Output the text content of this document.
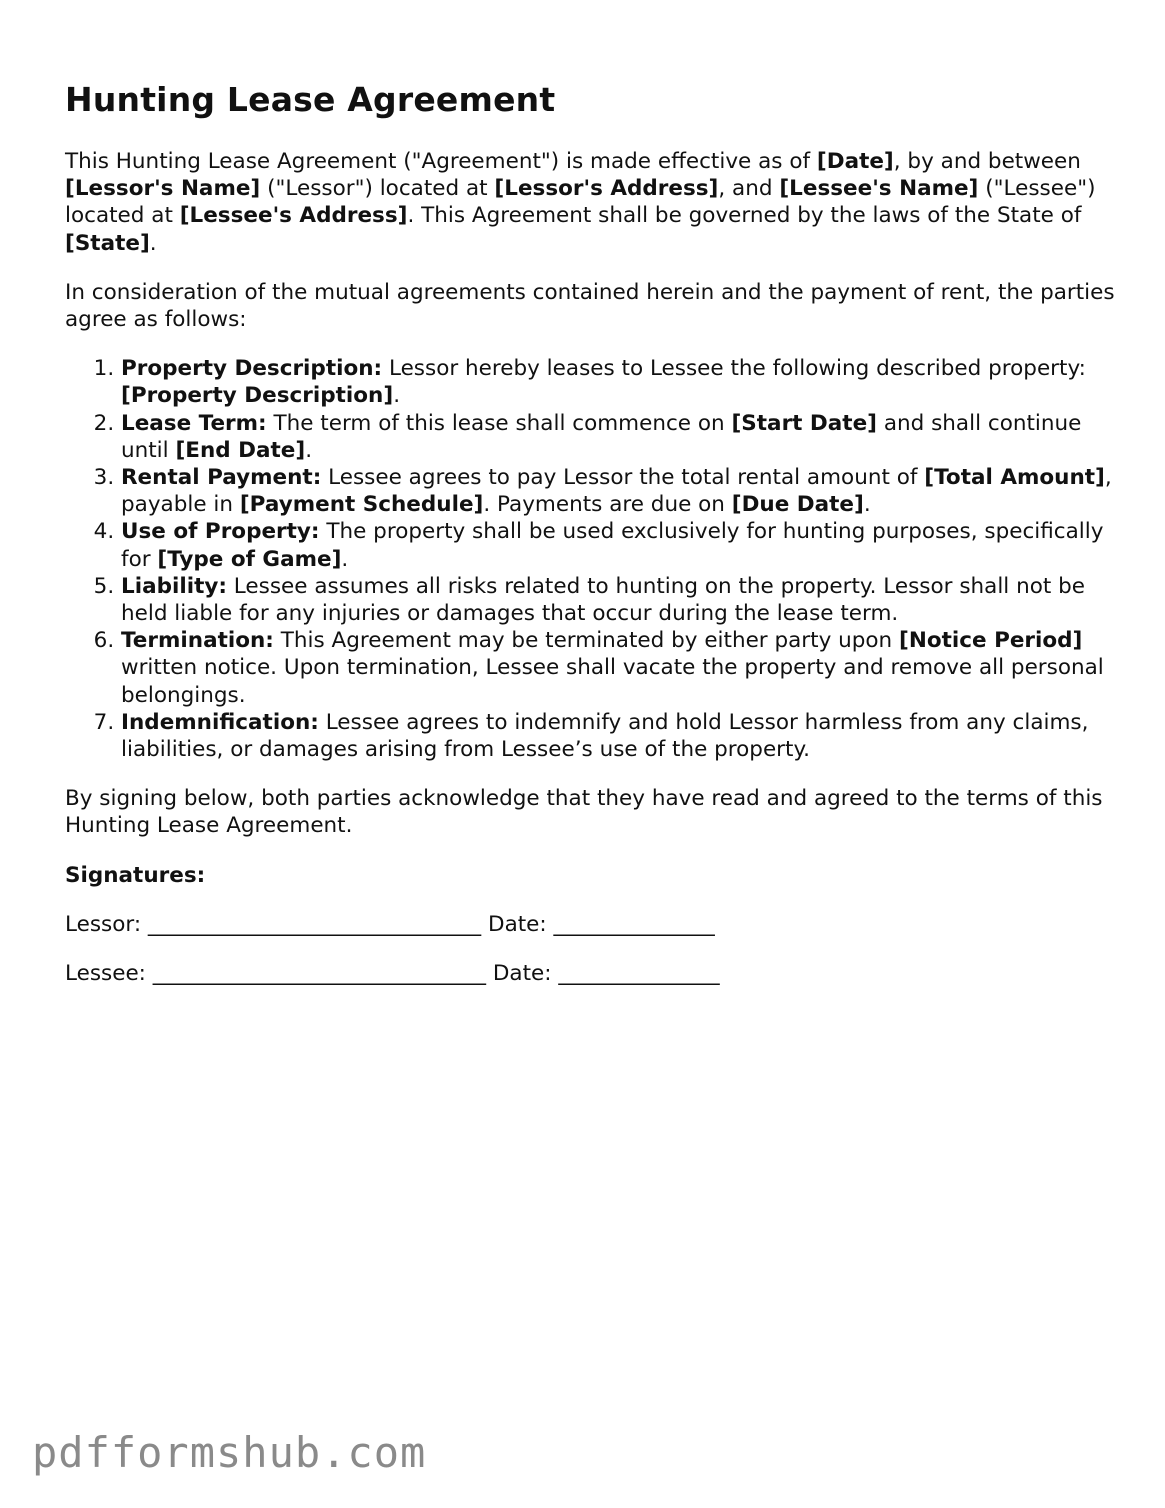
Hunting Lease Agreement

This Hunting Lease Agreement ("Agreement") is made effective as of [Date], by and between [Lessor's Name] ("Lessor") located at [Lessor's Address], and [Lessee's Name] ("Lessee") located at [Lessee's Address]. This Agreement shall be governed by the laws of the State of [State].

In consideration of the mutual agreements contained herein and the payment of rent, the parties agree as follows:

1. Property Description: Lessor hereby leases to Lessee the following described property: [Property Description].
2. Lease Term: The term of this lease shall commence on [Start Date] and shall continue until [End Date].
3. Rental Payment: Lessee agrees to pay Lessor the total rental amount of [Total Amount], payable in [Payment Schedule]. Payments are due on [Due Date].
4. Use of Property: The property shall be used exclusively for hunting purposes, specifically for [Type of Game].
5. Liability: Lessee assumes all risks related to hunting on the property. Lessor shall not be held liable for any injuries or damages that occur during the lease term.
6. Termination: This Agreement may be terminated by either party upon [Notice Period] written notice. Upon termination, Lessee shall vacate the property and remove all personal belongings.
7. Indemnification: Lessee agrees to indemnify and hold Lessor harmless from any claims, liabilities, or damages arising from Lessee’s use of the property.

By signing below, both parties acknowledge that they have read and agreed to the terms of this Hunting Lease Agreement.

Signatures:

Lessor: _______________________________ Date: _______________

Lessee: _______________________________ Date: _______________

pdfformshub.com
